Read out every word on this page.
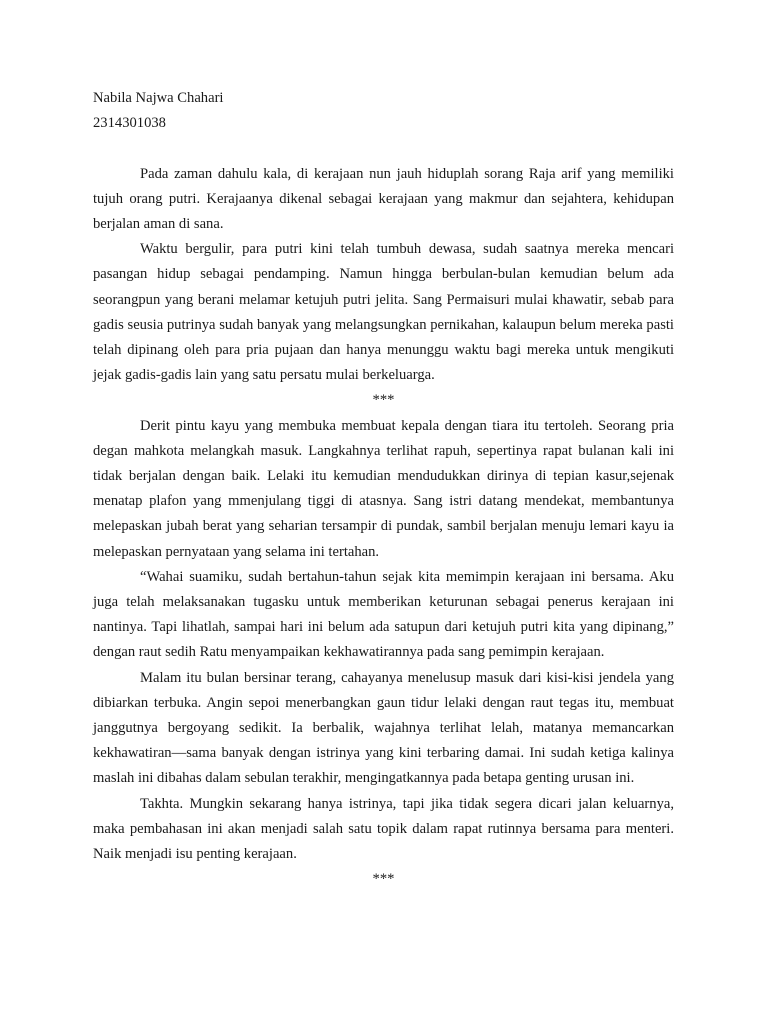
Nabila Najwa Chahari

2314301038

Pada zaman dahulu kala, di kerajaan nun jauh hiduplah sorang Raja arif yang memiliki tujuh orang putri. Kerajaanya dikenal sebagai kerajaan yang makmur dan sejahtera, kehidupan berjalan aman di sana.

Waktu bergulir, para putri kini telah tumbuh dewasa, sudah saatnya mereka mencari pasangan hidup sebagai pendamping. Namun hingga berbulan-bulan kemudian belum ada seorangpun yang berani melamar ketujuh putri jelita. Sang Permaisuri mulai khawatir, sebab para gadis seusia putrinya sudah banyak yang melangsungkan pernikahan, kalaupun belum mereka pasti telah dipinang oleh para pria pujaan dan hanya menunggu waktu bagi mereka untuk mengikuti jejak gadis-gadis lain yang satu persatu mulai berkeluarga.

***

Derit pintu kayu yang membuka membuat kepala dengan tiara itu tertoleh. Seorang pria degan mahkota melangkah masuk. Langkahnya terlihat rapuh, sepertinya rapat bulanan kali ini tidak berjalan dengan baik. Lelaki itu kemudian mendudukkan dirinya di tepian kasur,sejenak menatap plafon yang mmenjulang tiggi di atasnya. Sang istri datang mendekat, membantunya melepaskan jubah berat yang seharian tersampir di pundak, sambil berjalan menuju lemari kayu ia melepaskan pernyataan yang selama ini tertahan.

“Wahai suamiku, sudah bertahun-tahun sejak kita memimpin kerajaan ini bersama. Aku juga telah melaksanakan tugasku untuk memberikan keturunan sebagai penerus kerajaan ini nantinya. Tapi lihatlah, sampai hari ini belum ada satupun dari ketujuh putri kita yang dipinang,” dengan raut sedih Ratu menyampaikan kekhawatirannya pada sang pemimpin kerajaan.

Malam itu bulan bersinar terang, cahayanya menelusup masuk dari kisi-kisi jendela yang dibiarkan terbuka. Angin sepoi menerbangkan gaun tidur lelaki dengan raut tegas itu, membuat janggutnya bergoyang sedikit. Ia berbalik, wajahnya terlihat lelah, matanya memancarkan kekhawatiran—sama banyak dengan istrinya yang kini terbaring damai. Ini sudah ketiga kalinya maslah ini dibahas dalam sebulan terakhir, mengingatkannya pada betapa genting urusan ini.

Takhta. Mungkin sekarang hanya istrinya, tapi jika tidak segera dicari jalan keluarnya, maka pembahasan ini akan menjadi salah satu topik dalam rapat rutinnya bersama para menteri. Naik menjadi isu penting kerajaan.

***
